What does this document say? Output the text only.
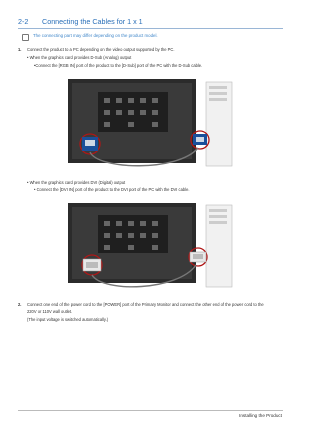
2-2 Connecting the Cables for 1 x 1
The connecting part may differ depending on the product model.
1. Connect the product to a PC depending on the video output supported by the PC.
• When the graphics card provides D-Sub (Analog) output
•Connect the [RGB IN] port of the product to the [D-Sub] port of the PC with the D-Sub cable.
• When the graphics card provides DVI (Digital) output
• Connect the [DVI IN] port of the product to the DVI port of the PC with the DVI cable.
2. Connect one end of the power cord to the [POWER] port of the Primary Monitor and connect the other end of the power cord to the
220V or 110V wall outlet.
(The input voltage is switched automatically.)
Installing the Product
